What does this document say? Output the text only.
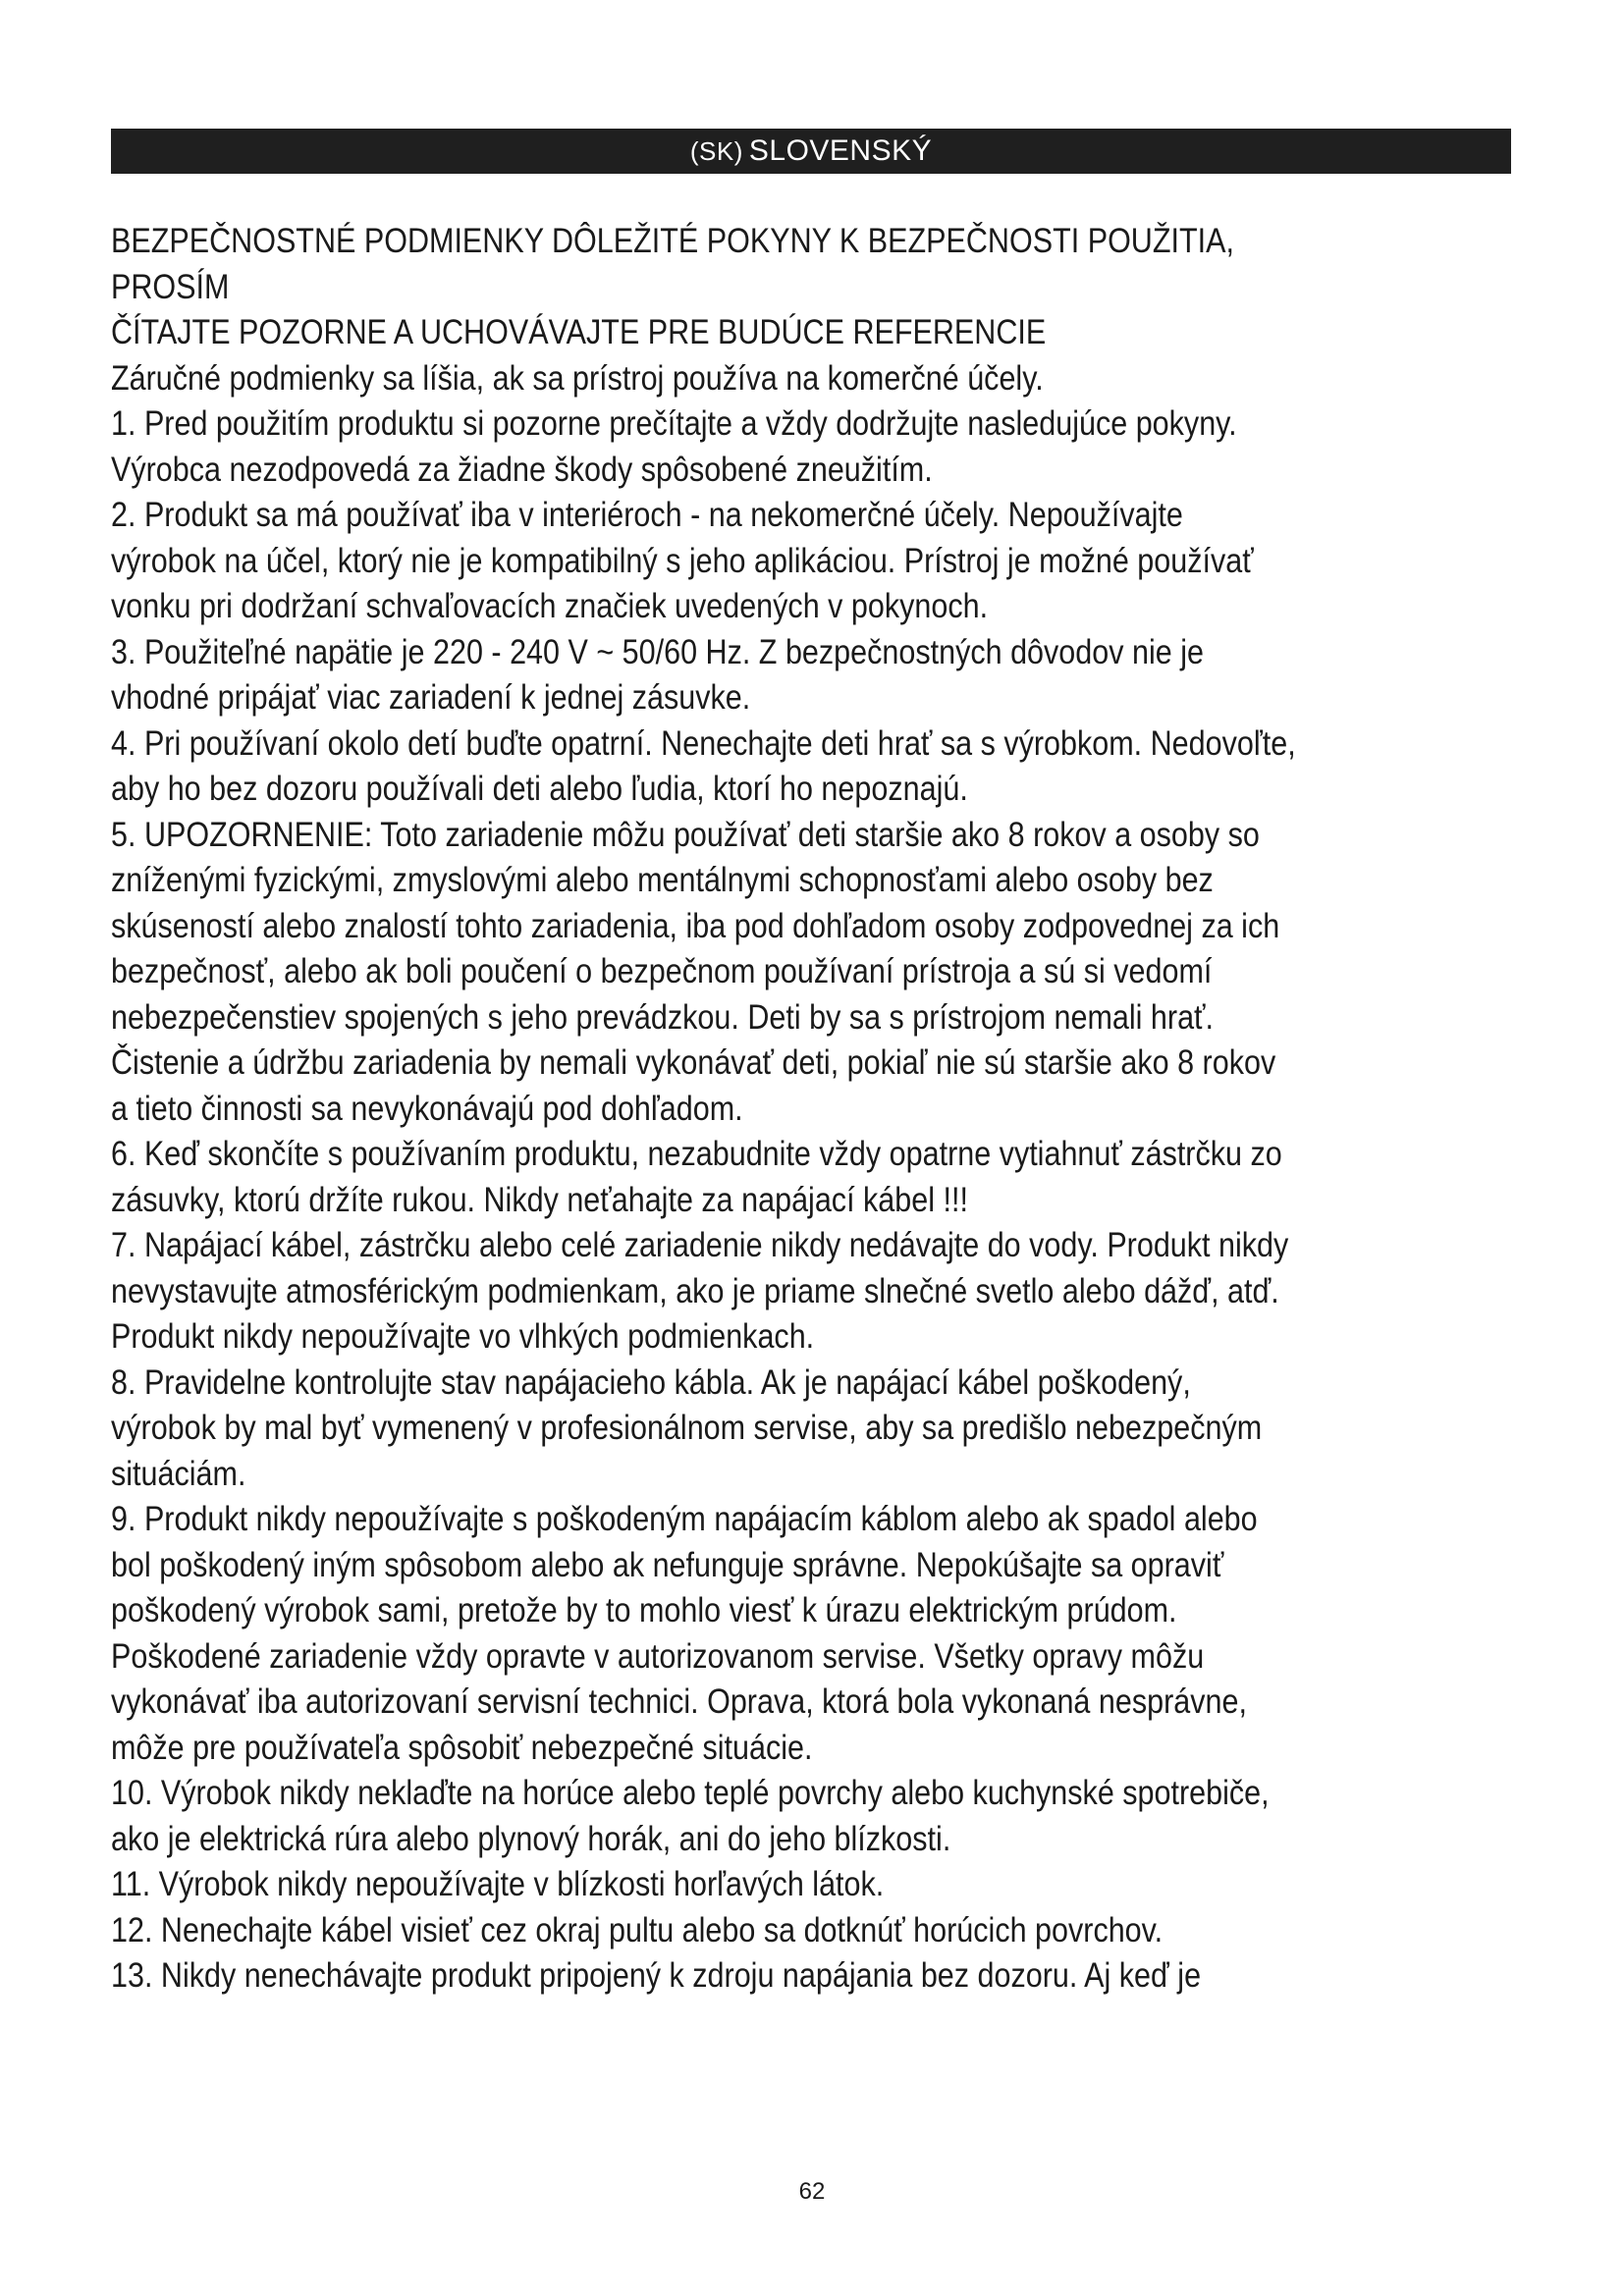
(SK) SLOVENSKÝ

BEZPEČNOSTNÉ PODMIENKY DÔLEŽITÉ POKYNY K BEZPEČNOSTI POUŽITIA,

PROSÍM

ČÍTAJTE POZORNE A UCHOVÁVAJTE PRE BUDÚCE REFERENCIE

Záručné podmienky sa líšia, ak sa prístroj používa na komerčné účely.

1. Pred použitím produktu si pozorne prečítajte a vždy dodržujte nasledujúce pokyny.

Výrobca nezodpovedá za žiadne škody spôsobené zneužitím.

2. Produkt sa má používať iba v interiéroch - na nekomerčné účely. Nepoužívajte

výrobok na účel, ktorý nie je kompatibilný s jeho aplikáciou. Prístroj je možné používať

vonku pri dodržaní schvaľovacích značiek uvedených v pokynoch.

3. Použiteľné napätie je 220 - 240 V ~ 50/60 Hz. Z bezpečnostných dôvodov nie je

vhodné pripájať viac zariadení k jednej zásuvke.

4. Pri používaní okolo detí buďte opatrní. Nenechajte deti hrať sa s výrobkom. Nedovoľte,

aby ho bez dozoru používali deti alebo ľudia, ktorí ho nepoznajú.

5. UPOZORNENIE: Toto zariadenie môžu používať deti staršie ako 8 rokov a osoby so

zníženými fyzickými, zmyslovými alebo mentálnymi schopnosťami alebo osoby bez

skúseností alebo znalostí tohto zariadenia, iba pod dohľadom osoby zodpovednej za ich

bezpečnosť, alebo ak boli poučení o bezpečnom používaní prístroja a sú si vedomí

nebezpečenstiev spojených s jeho prevádzkou. Deti by sa s prístrojom nemali hrať.

Čistenie a údržbu zariadenia by nemali vykonávať deti, pokiaľ nie sú staršie ako 8 rokov

a tieto činnosti sa nevykonávajú pod dohľadom.

6. Keď skončíte s používaním produktu, nezabudnite vždy opatrne vytiahnuť zástrčku zo

zásuvky, ktorú držíte rukou. Nikdy neťahajte za napájací kábel !!!

7. Napájací kábel, zástrčku alebo celé zariadenie nikdy nedávajte do vody. Produkt nikdy

nevystavujte atmosférickým podmienkam, ako je priame slnečné svetlo alebo dážď, atď.

Produkt nikdy nepoužívajte vo vlhkých podmienkach.

8. Pravidelne kontrolujte stav napájacieho kábla. Ak je napájací kábel poškodený,

výrobok by mal byť vymenený v profesionálnom servise, aby sa predišlo nebezpečným

situáciám.

9. Produkt nikdy nepoužívajte s poškodeným napájacím káblom alebo ak spadol alebo

bol poškodený iným spôsobom alebo ak nefunguje správne. Nepokúšajte sa opraviť

poškodený výrobok sami, pretože by to mohlo viesť k úrazu elektrickým prúdom.

Poškodené zariadenie vždy opravte v autorizovanom servise. Všetky opravy môžu

vykonávať iba autorizovaní servisní technici. Oprava, ktorá bola vykonaná nesprávne,

môže pre používateľa spôsobiť nebezpečné situácie.

10. Výrobok nikdy neklaďte na horúce alebo teplé povrchy alebo kuchynské spotrebiče,

ako je elektrická rúra alebo plynový horák, ani do jeho blízkosti.

11. Výrobok nikdy nepoužívajte v blízkosti horľavých látok.

12. Nenechajte kábel visieť cez okraj pultu alebo sa dotknúť horúcich povrchov.

13. Nikdy nenechávajte produkt pripojený k zdroju napájania bez dozoru. Aj keď je

62
